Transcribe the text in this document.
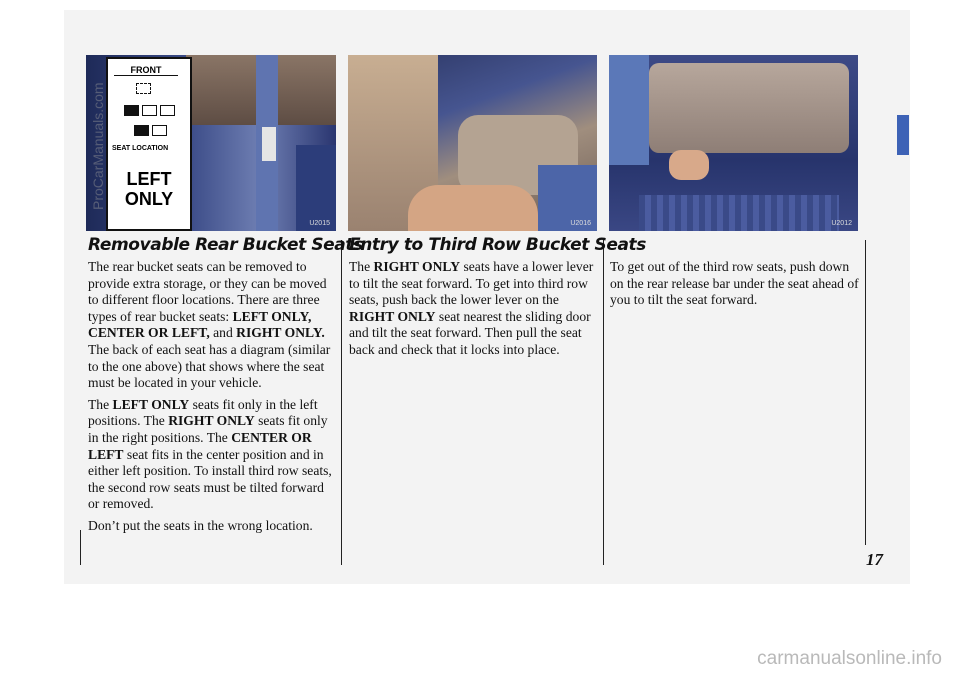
FRONT
SEAT LOCATION
LEFT
ONLY
U2015	U2016	U2012
Removable Rear Bucket Seats

The rear bucket seats can be removed to provide extra storage, or they can be moved to different floor locations. There are three types of rear bucket seats: LEFT ONLY, CENTER OR LEFT, and RIGHT ONLY. The back of each seat has a diagram (similar to the one above) that shows where the seat must be located in your vehicle.

The LEFT ONLY seats fit only in the left positions. The RIGHT ONLY seats fit only in the right positions. The CENTER OR LEFT seat fits in the center position and in either left position. To install third row seats, the second row seats must be tilted forward or removed.

Don’t put the seats in the wrong location.

Entry to Third Row Bucket Seats

The RIGHT ONLY seats have a lower lever to tilt the seat forward. To get into third row seats, push back the lower lever on the RIGHT ONLY seat nearest the sliding door and tilt the seat forward. Then pull the seat back and check that it locks into place.

To get out of the third row seats, push down on the rear release bar under the seat ahead of you to tilt the seat forward.

17
ProCarManuals.com
carmanualsonline.info
